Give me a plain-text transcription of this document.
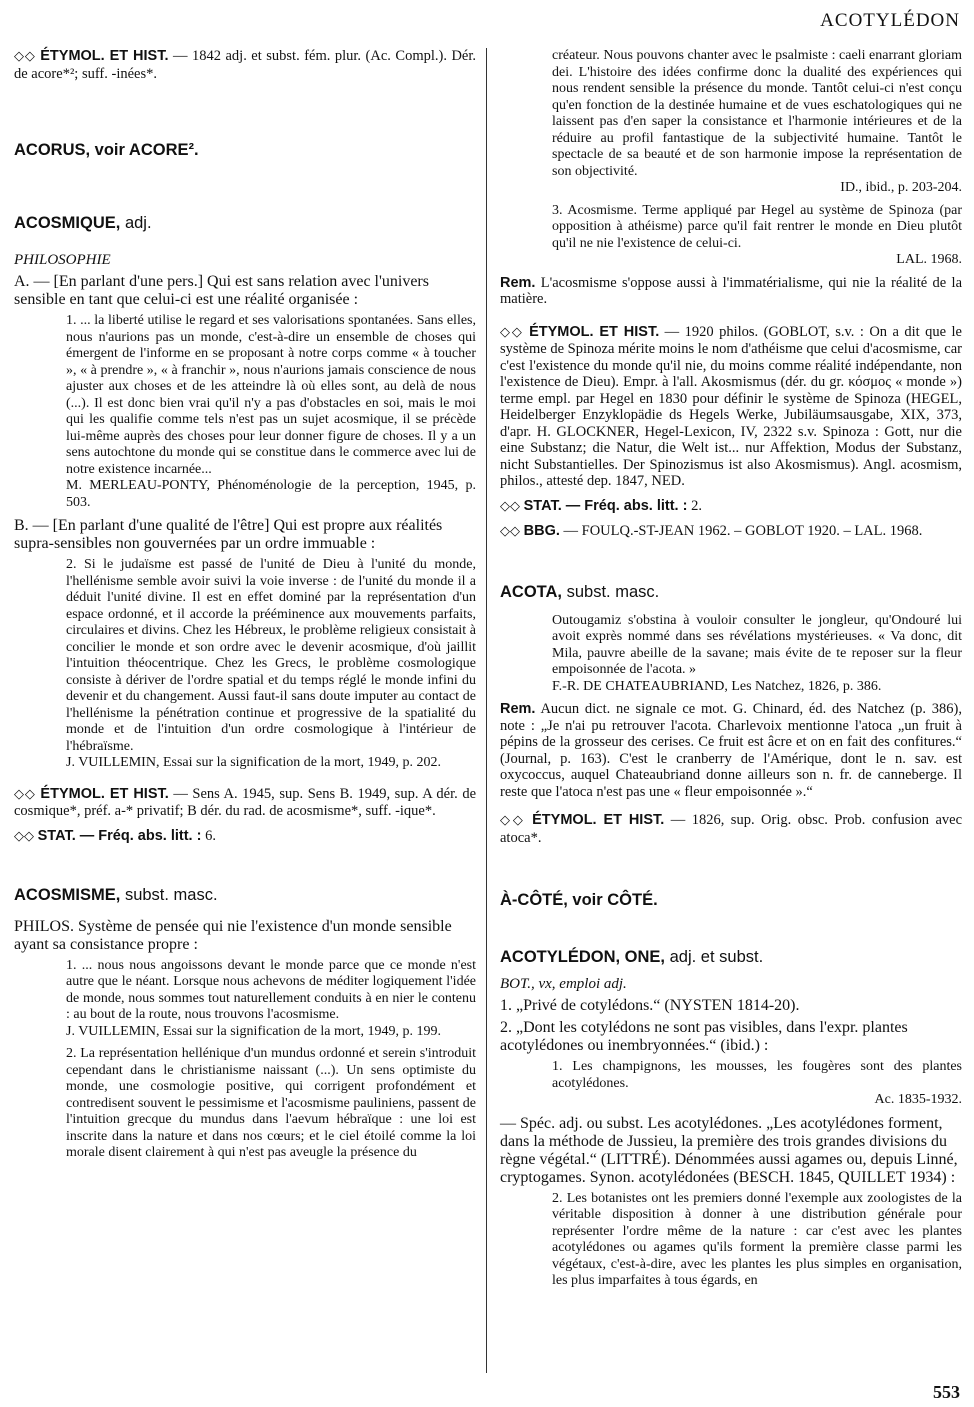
ACOTYLÉDON
◇◇ ÉTYMOL. ET HIST. — 1842 adj. et subst. fém. plur. (Ac. Compl.). Dér. de acore*²; suff. -inées*.
ACORUS, voir ACORE².
ACOSMIQUE, adj.
PHILOSOPHIE
A. — [En parlant d'une pers.] Qui est sans relation avec l'univers sensible en tant que celui-ci est une réalité organisée :
1. ... la liberté utilise le regard et ses valorisations spontanées. Sans elles, nous n'aurions pas un monde, c'est-à-dire un ensemble de choses qui émergent de l'informe en se proposant à notre corps comme « à toucher », « à prendre », « à franchir », nous n'aurions jamais conscience de nous ajuster aux choses et de les atteindre là où elles sont, au delà de nous (...). Il est donc bien vrai qu'il n'y a pas d'obstacles en soi, mais le moi qui les qualifie comme tels n'est pas un sujet acosmique, il se précède lui-même auprès des choses pour leur donner figure de choses. Il y a un sens autochtone du monde qui se constitue dans le commerce avec lui de notre existence incarnée...
M. MERLEAU-PONTY, Phénoménologie de la perception, 1945, p. 503.
B. — [En parlant d'une qualité de l'être] Qui est propre aux réalités supra-sensibles non gouvernées par un ordre immuable :
2. Si le judaïsme est passé de l'unité de Dieu à l'unité du monde, l'hellénisme semble avoir suivi la voie inverse : de l'unité du monde il a déduit l'unité divine. Il est en effet dominé par la représentation d'un espace ordonné, et il accorde la prééminence aux mouvements parfaits, circulaires et divins. Chez les Hébreux, le problème religieux consistait à concilier le monde et son ordre avec le devenir acosmique, d'où jaillit l'intuition théocentrique. Chez les Grecs, le problème cosmologique consiste à dériver de l'ordre spatial et du temps réglé le monde infini du devenir et du changement. Aussi faut-il sans doute imputer au contact de l'hellénisme la pénétration continue et progressive de la spatialité du monde et de l'intuition d'un ordre cosmologique à l'intérieur de l'hébraïsme.
J. VUILLEMIN, Essai sur la signification de la mort, 1949, p. 202.
◇◇ ÉTYMOL. ET HIST. — Sens A. 1945, sup. Sens B. 1949, sup. A dér. de cosmique*, préf. a-* privatif; B dér. du rad. de acosmisme*, suff. -ique*.
◇◇ STAT. — Fréq. abs. litt. : 6.
ACOSMISME, subst. masc.
PHILOS. Système de pensée qui nie l'existence d'un monde sensible ayant sa consistance propre :
1. ... nous nous angoissons devant le monde parce que ce monde n'est autre que le néant. Lorsque nous achevons de méditer logiquement l'idée de monde, nous sommes tout naturellement conduits à en nier le contenu : au bout de la route, nous trouvons l'acosmisme.
J. VUILLEMIN, Essai sur la signification de la mort, 1949, p. 199.
2. La représentation hellénique d'un mundus ordonné et serein s'introduit cependant dans le christianisme naissant (...). Un sens optimiste du monde, une cosmologie positive, qui corrigent profondément et contredisent souvent le pessimisme et l'acosmisme pauliniens, passent de l'intuition grecque du mundus dans l'aevum hébraïque : une loi est inscrite dans la nature et dans nos cœurs; et le ciel étoilé comme la loi morale disent clairement à qui n'est pas aveugle la présence du
créateur. Nous pouvons chanter avec le psalmiste : caeli enarrant gloriam dei. L'histoire des idées confirme donc la dualité des expériences qui nous rendent sensible la présence du monde. Tantôt celui-ci n'est conçu qu'en fonction de la destinée humaine et de vues eschatologiques qui ne laissent pas d'en saper la consistance et l'harmonie intérieures et de la réduire au profil fantastique de la subjectivité humaine. Tantôt le spectacle de sa beauté et de son harmonie impose la représentation de son objectivité.
ID., ibid., p. 203-204.
3. Acosmisme. Terme appliqué par Hegel au système de Spinoza (par opposition à athéisme) parce qu'il fait rentrer le monde en Dieu plutôt qu'il ne nie l'existence de celui-ci.
LAL. 1968.
Rem. L'acosmisme s'oppose aussi à l'immatérialisme, qui nie la réalité de la matière.
◇◇ ÉTYMOL. ET HIST. — 1920 philos. (GOBLOT, s.v. : On a dit que le système de Spinoza mérite moins le nom d'athéisme que celui d'acosmisme, car c'est l'existence du monde qu'il nie, du moins comme réalité indépendante, non l'existence de Dieu). Empr. à l'all. Akosmismus (dér. du gr. κόσμος « monde ») terme empl. par Hegel en 1830 pour définir le système de Spinoza (HEGEL, Heidelberger Enzyklopädie ds Hegels Werke, Jubiläumsausgabe, XIX, 373, d'apr. H. GLOCKNER, Hegel-Lexicon, IV, 2322 s.v. Spinoza : Gott, nur die eine Substanz; die Natur, die Welt ist... nur Affektion, Modus der Substanz, nicht Substantielles. Der Spinozismus ist also Akosmismus). Angl. acosmism, philos., attesté dep. 1847, NED.
◇◇ STAT. — Fréq. abs. litt. : 2.
◇◇ BBG. — FOULQ.-ST-JEAN 1962. – GOBLOT 1920. – LAL. 1968.
ACOTA, subst. masc.
Outougamiz s'obstina à vouloir consulter le jongleur, qu'Ondouré lui avoit exprès nommé dans ses révélations mystérieuses. « Va donc, dit Mila, pauvre abeille de la savane; mais évite de te reposer sur la fleur empoisonnée de l'acota. »
F.-R. DE CHATEAUBRIAND, Les Natchez, 1826, p. 386.
Rem. Aucun dict. ne signale ce mot. G. Chinard, éd. des Natchez (p. 386), note : „Je n'ai pu retrouver l'acota. Charlevoix mentionne l'atoca „un fruit à pépins de la grosseur des cerises. Ce fruit est âcre et on en fait des confitures.“ (Journal, p. 163). C'est le cranberry de l'Amérique, dont le n. sav. est oxycoccus, auquel Chateaubriand donne ailleurs son n. fr. de canneberge. Il reste que l'atoca n'est pas une « fleur empoisonnée ».“
◇◇ ÉTYMOL. ET HIST. — 1826, sup. Orig. obsc. Prob. confusion avec atoca*.
À-CÔTÉ, voir CÔTÉ.
ACOTYLÉDON, ONE, adj. et subst.
BOT., vx, emploi adj.
1. „Privé de cotylédons.“ (NYSTEN 1814-20).
2. „Dont les cotylédons ne sont pas visibles, dans l'expr. plantes acotylédones ou inembryonnées.“ (ibid.) :
1. Les champignons, les mousses, les fougères sont des plantes acotylédones.
Ac. 1835-1932.
— Spéc. adj. ou subst. Les acotylédones. „Les acotylédones forment, dans la méthode de Jussieu, la première des trois grandes divisions du règne végétal.“ (LITTRÉ). Dénommées aussi agames ou, depuis Linné, cryptogames. Synon. acotylédonées (BESCH. 1845, QUILLET 1934) :
2. Les botanistes ont les premiers donné l'exemple aux zoologistes de la véritable disposition à donner à une distribution générale pour représenter l'ordre même de la nature : car c'est avec les plantes acotylédones ou agames qu'ils forment la première classe parmi les végétaux, c'est-à-dire, avec les plantes les plus simples en organisation, les plus imparfaites à tous égards, en
553
